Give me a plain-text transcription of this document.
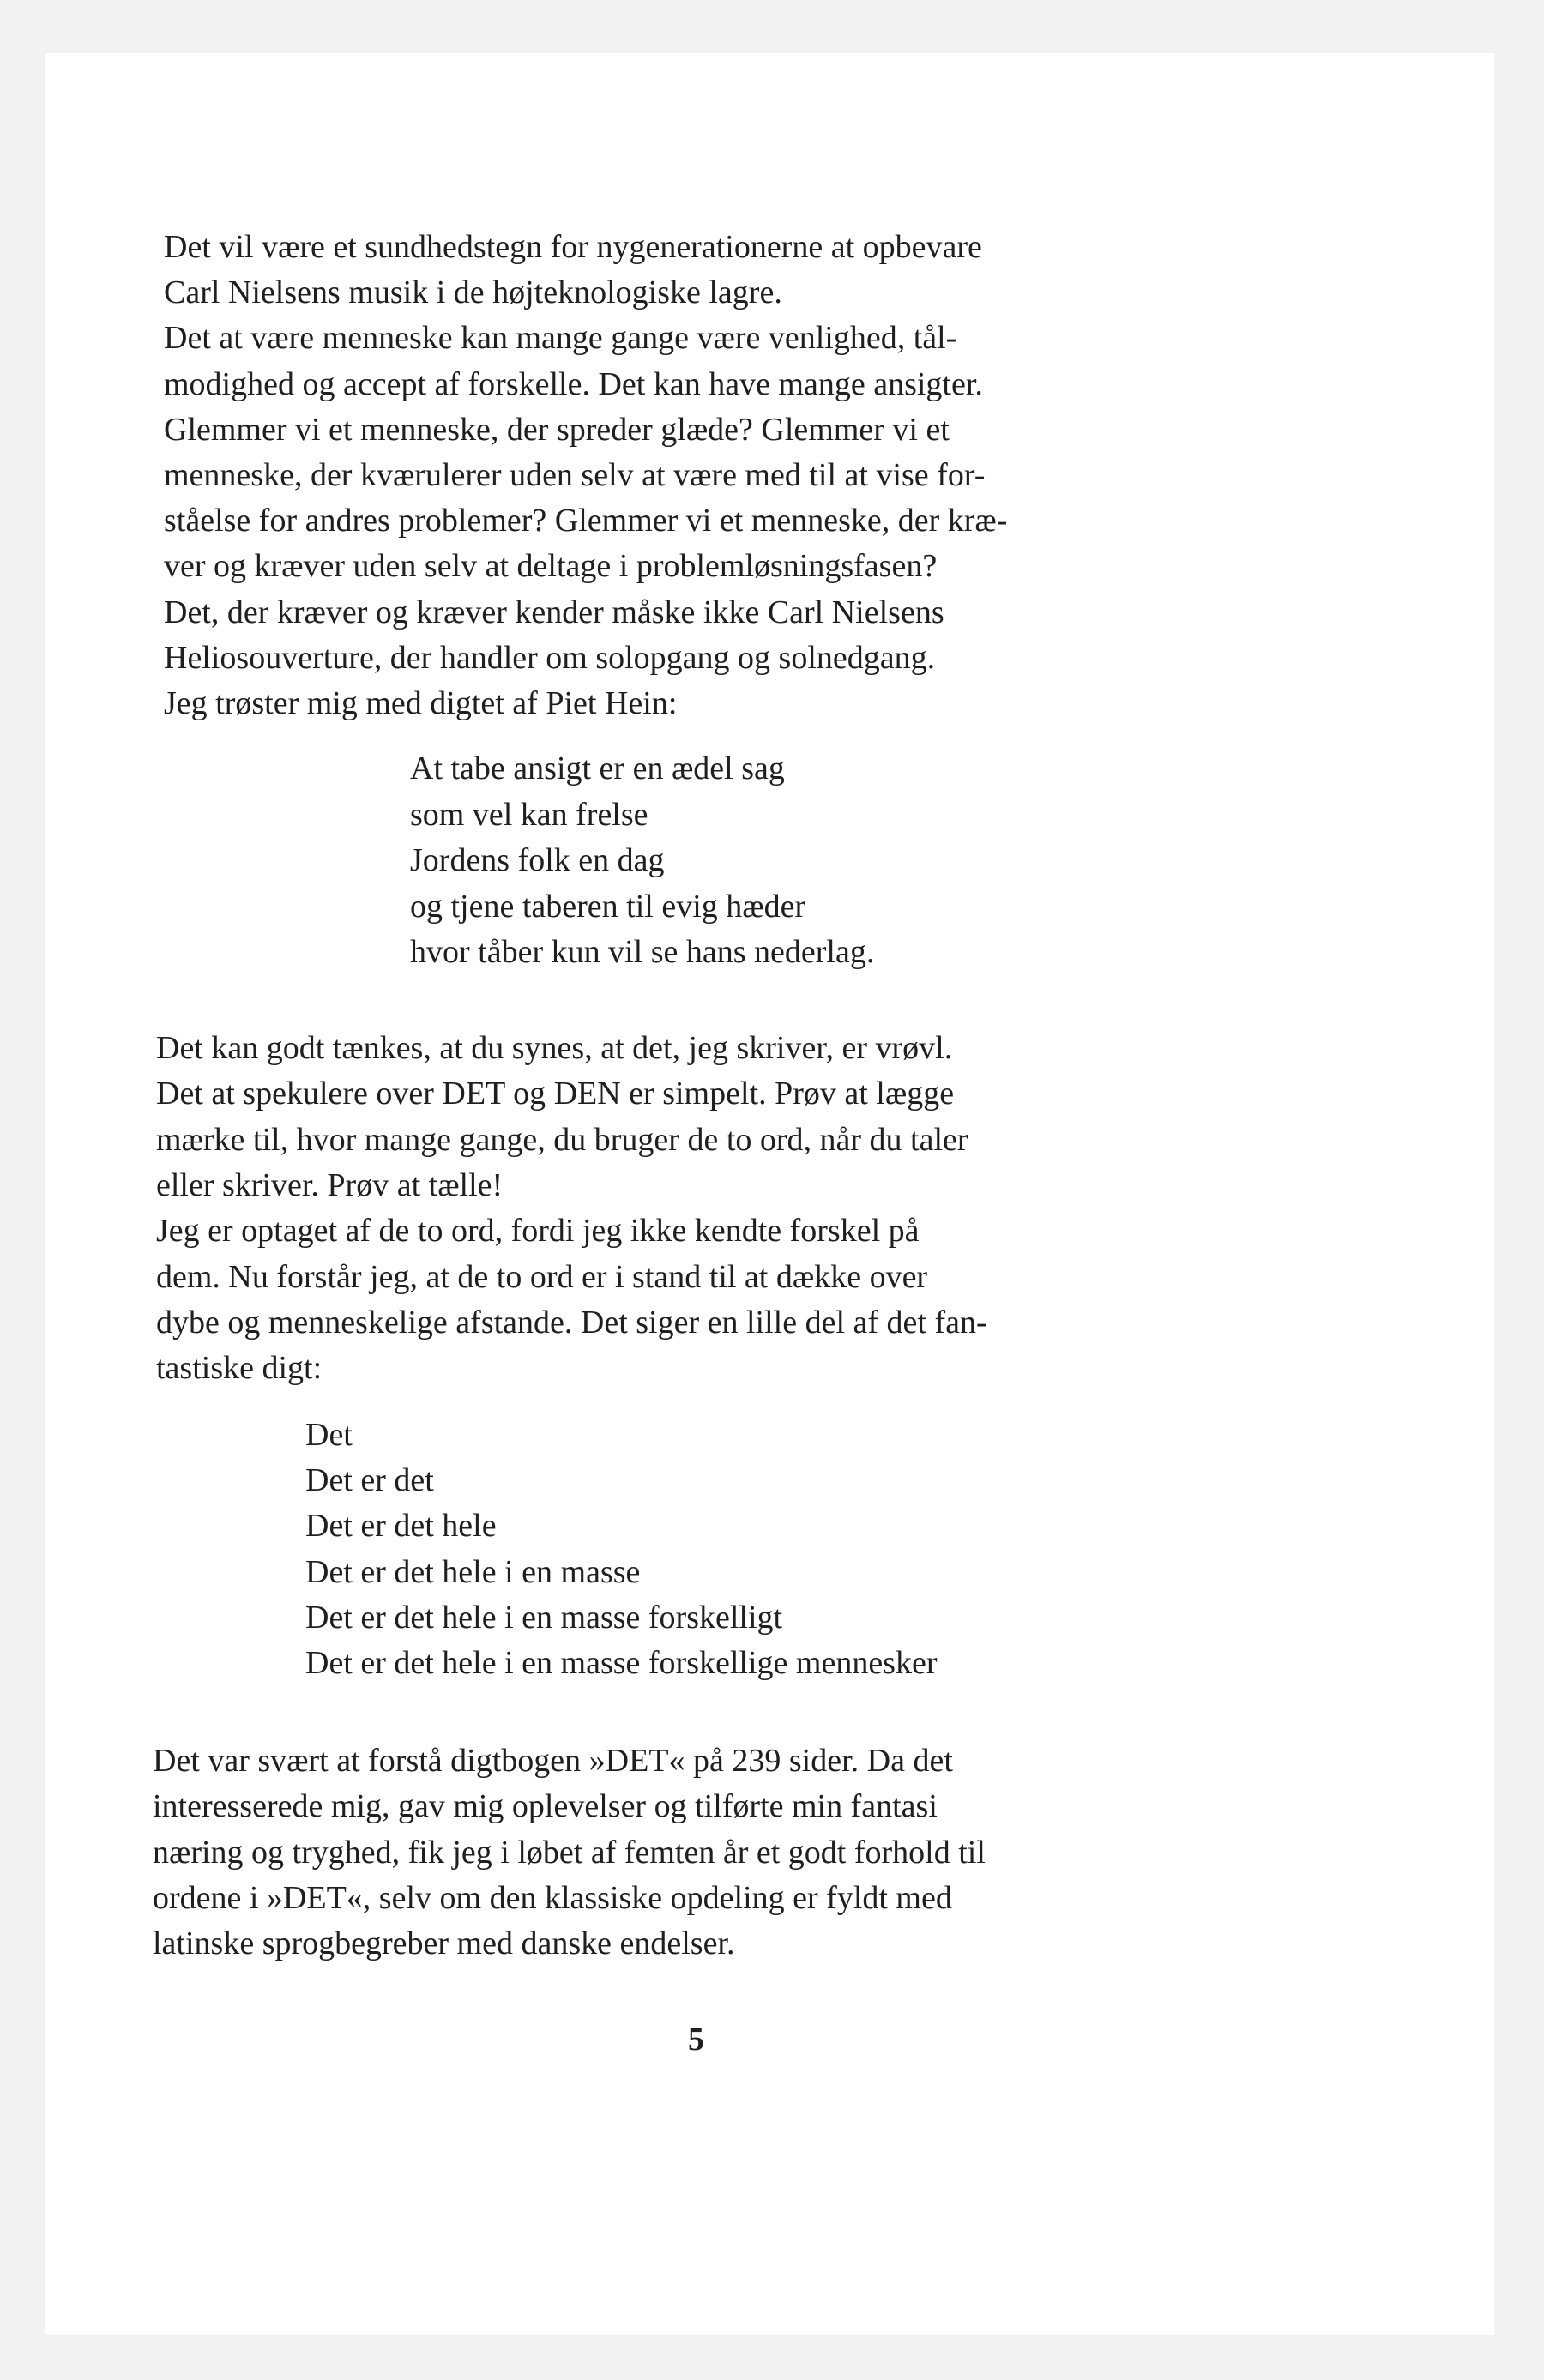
5

Det vil være et sundhedstegn for nygenerationerne at opbevare

Carl Nielsens musik i de højteknologiske lagre.

Det at være menneske kan mange gange være venlighed, tål-

modighed og accept af forskelle. Det kan have mange ansigter.

Glemmer vi et menneske, der spreder glæde? Glemmer vi et

menneske, der kværulerer uden selv at være med til at vise for-

ståelse for andres problemer? Glemmer vi et menneske, der kræ-

ver og kræver uden selv at deltage i problemløsningsfasen?

Det, der kræver og kræver kender måske ikke Carl Nielsens

Heliosouverture, der handler om solopgang og solnedgang.

Jeg trøster mig med digtet af Piet Hein:

At tabe ansigt er en ædel sag

som vel kan frelse

Jordens folk en dag

og tjene taberen til evig hæder

hvor tåber kun vil se hans nederlag.

Det kan godt tænkes, at du synes, at det, jeg skriver, er vrøvl.

Det at spekulere over DET og DEN er simpelt. Prøv at lægge

mærke til, hvor mange gange, du bruger de to ord, når du taler

eller skriver. Prøv at tælle!

Jeg er optaget af de to ord, fordi jeg ikke kendte forskel på

dem. Nu forstår jeg, at de to ord er i stand til at dække over

dybe og menneskelige afstande. Det siger en lille del af det fan-

tastiske digt:

Det

Det er det

Det er det hele

Det er det hele i en masse

Det er det hele i en masse forskelligt

Det er det hele i en masse forskellige mennesker

Det var svært at forstå digtbogen »DET« på 239 sider. Da det

interesserede mig, gav mig oplevelser og tilførte min fantasi

næring og tryghed, fik jeg i løbet af femten år et godt forhold til

ordene i »DET«, selv om den klassiske opdeling er fyldt med

latinske sprogbegreber med danske endelser.
